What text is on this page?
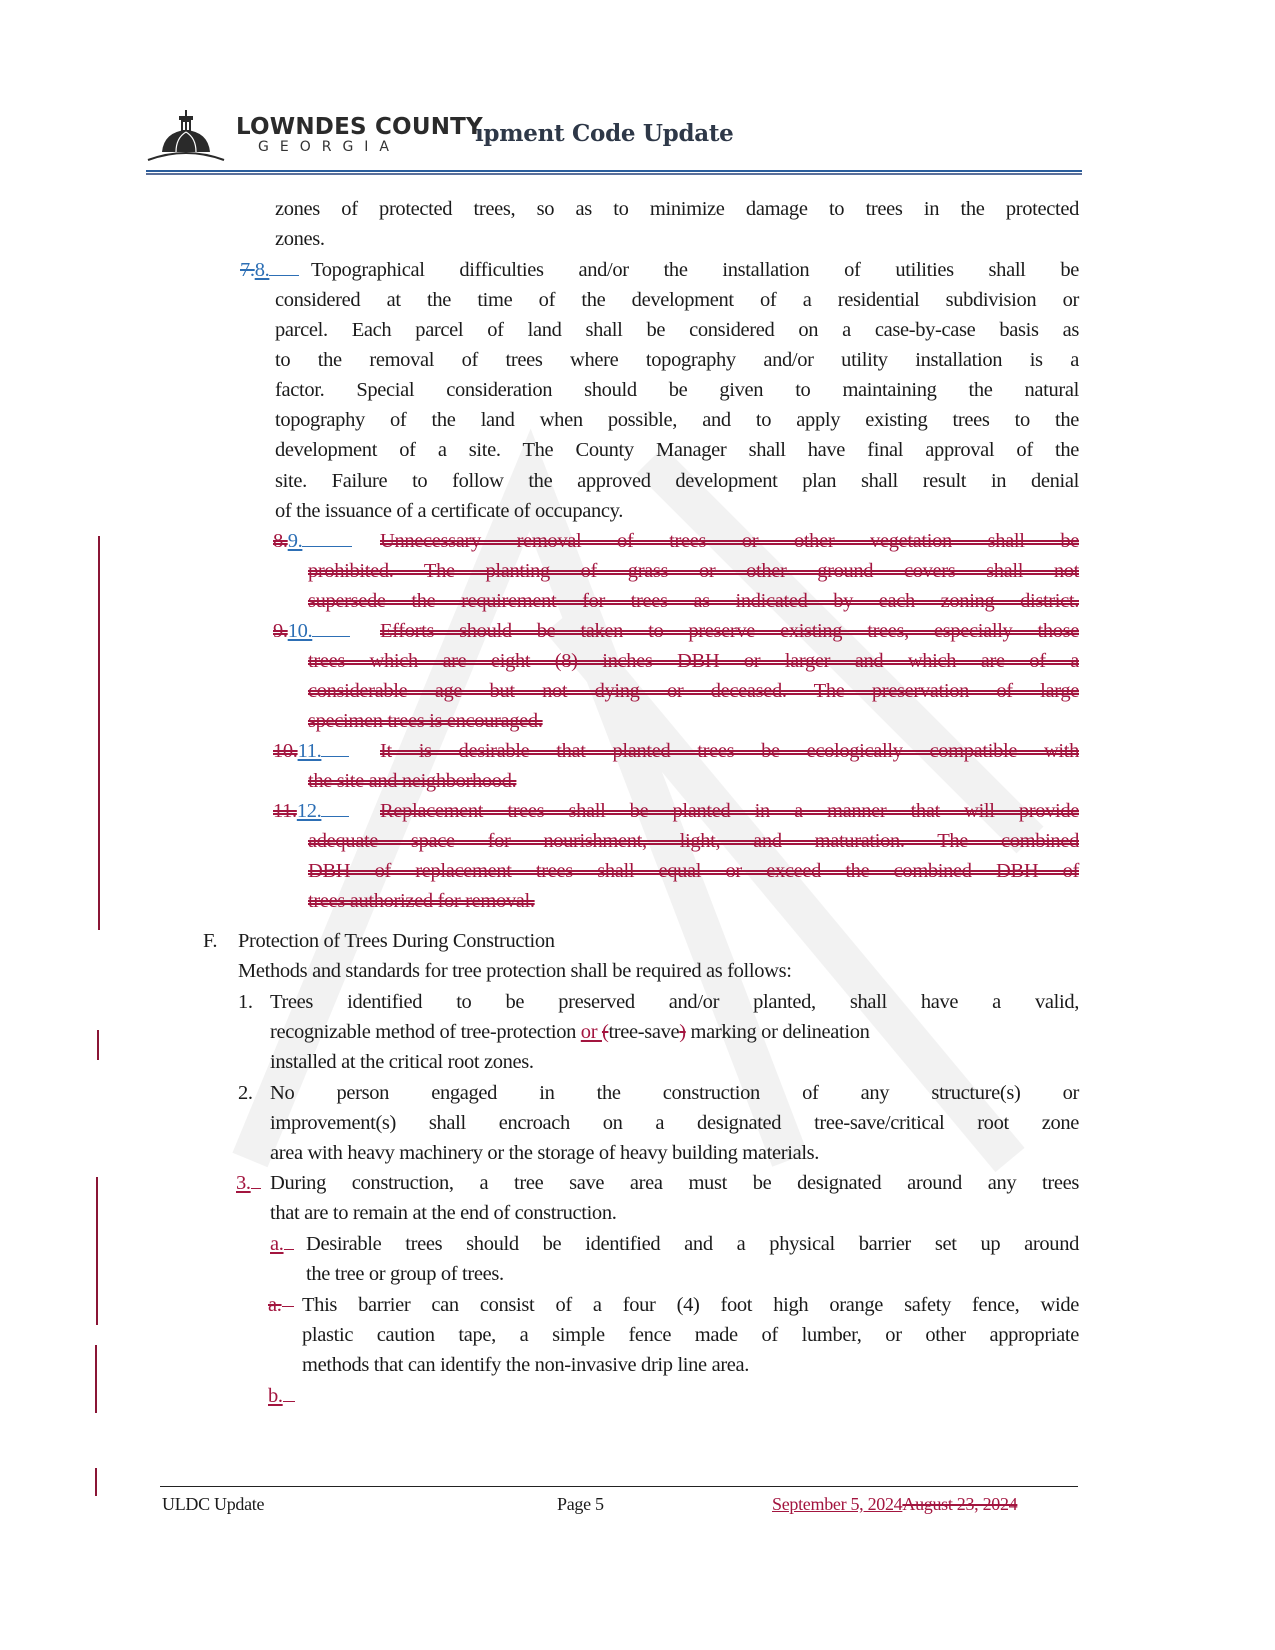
LOWNDES COUNTY
GEORGIA	ıpment Code Update
zones of protected trees, so as to minimize damage to trees in the protected
zones.
7.8.	Topographical difficulties and/or the installation of utilities shall be
considered at the time of the development of a residential subdivision or
parcel. Each parcel of land shall be considered on a case-by-case basis as
to the removal of trees where topography and/or utility installation is a
factor. Special consideration should be given to maintaining the natural
topography of the land when possible, and to apply existing trees to the
development of a site. The County Manager shall have final approval of the
site. Failure to follow the approved development plan shall result in denial
of the issuance of a certificate of occupancy.
8.9.	Unnecessary removal of trees or other vegetation shall be
prohibited. The planting of grass or other ground covers shall not
supersede the requirement for trees as indicated by each zoning district.
9.10.	Efforts should be taken to preserve existing trees, especially those
trees which are eight (8) inches DBH or larger and which are of a
considerable age but not dying or deceased. The preservation of large
specimen trees is encouraged.
10.11.	It is desirable that planted trees be ecologically compatible with
the site and neighborhood.
11.12.	Replacement trees shall be planted in a manner that will provide
adequate space for nourishment, light, and maturation. The combined
DBH of replacement trees shall equal or exceed the combined DBH of
trees authorized for removal.
F. Protection of Trees During Construction
Methods and standards for tree protection shall be required as follows:
1. Trees identified to be preserved and/or planted, shall have a valid,
recognizable method of tree-protection or (tree-save) marking or delineation
installed at the critical root zones.
2. No person engaged in the construction of any structure(s) or
improvement(s) shall encroach on a designated tree-save/critical root zone
area with heavy machinery or the storage of heavy building materials.
3. During construction, a tree save area must be designated around any trees
that are to remain at the end of construction.
a.	Desirable trees should be identified and a physical barrier set up around
the tree or group of trees.
a. This barrier can consist of a four (4) foot high orange safety fence, wide
plastic caution tape, a simple fence made of lumber, or other appropriate
methods that can identify the non-invasive drip line area.
b.
ULDC Update	Page 5	September 5, 2024August 23, 2024
